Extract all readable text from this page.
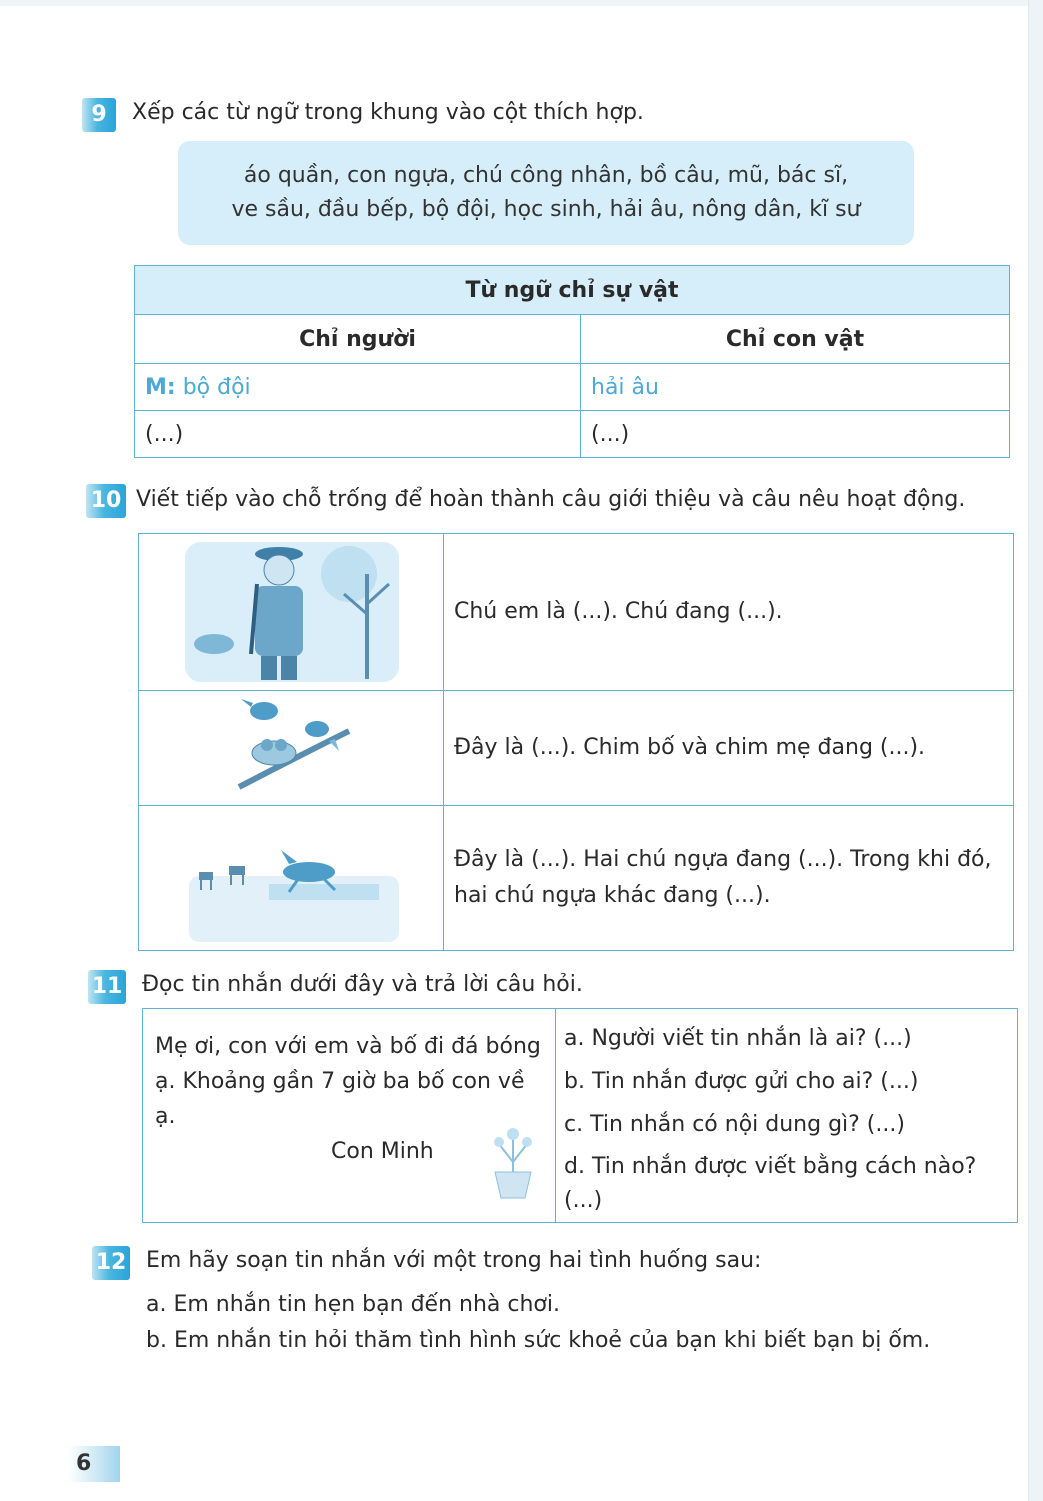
9	Xếp các từ ngữ trong khung vào cột thích hợp.

áo quần, con ngựa, chú công nhân, bồ câu, mũ, bác sĩ,

ve sầu, đầu bếp, bộ đội, học sinh, hải âu, nông dân, kĩ sư

Từ ngữ chỉ sự vật	
Chỉ người	Chỉ con vật
M: bộ đội	hải âu
(...)	(...)
10 Viết tiếp vào chỗ trống để hoàn thành câu giới thiệu và câu nêu hoạt động.
	Chú em là (...). Chú đang (...).
	Đây là (...). Chim bố và chim mẹ đang (...).
	Đây là (...). Hai chú ngựa đang (...). Trong khi đó, hai chú ngựa khác đang (...).
11 Đọc tin nhắn dưới đây và trả lời câu hỏi.
Mẹ ơi, con với em và bố đi đá bóng ạ. Khoảng gần 7 giờ ba bố con về ạ.
Con Minh

a. Người viết tin nhắn là ai? (...)
b. Tin nhắn được gửi cho ai? (...)
c. Tin nhắn có nội dung gì? (...)
d. Tin nhắn được viết bằng cách nào? (...)
12 Em hãy soạn tin nhắn với một trong hai tình huống sau:
a. Em nhắn tin hẹn bạn đến nhà chơi.
b. Em nhắn tin hỏi thăm tình hình sức khoẻ của bạn khi biết bạn bị ốm.
6
